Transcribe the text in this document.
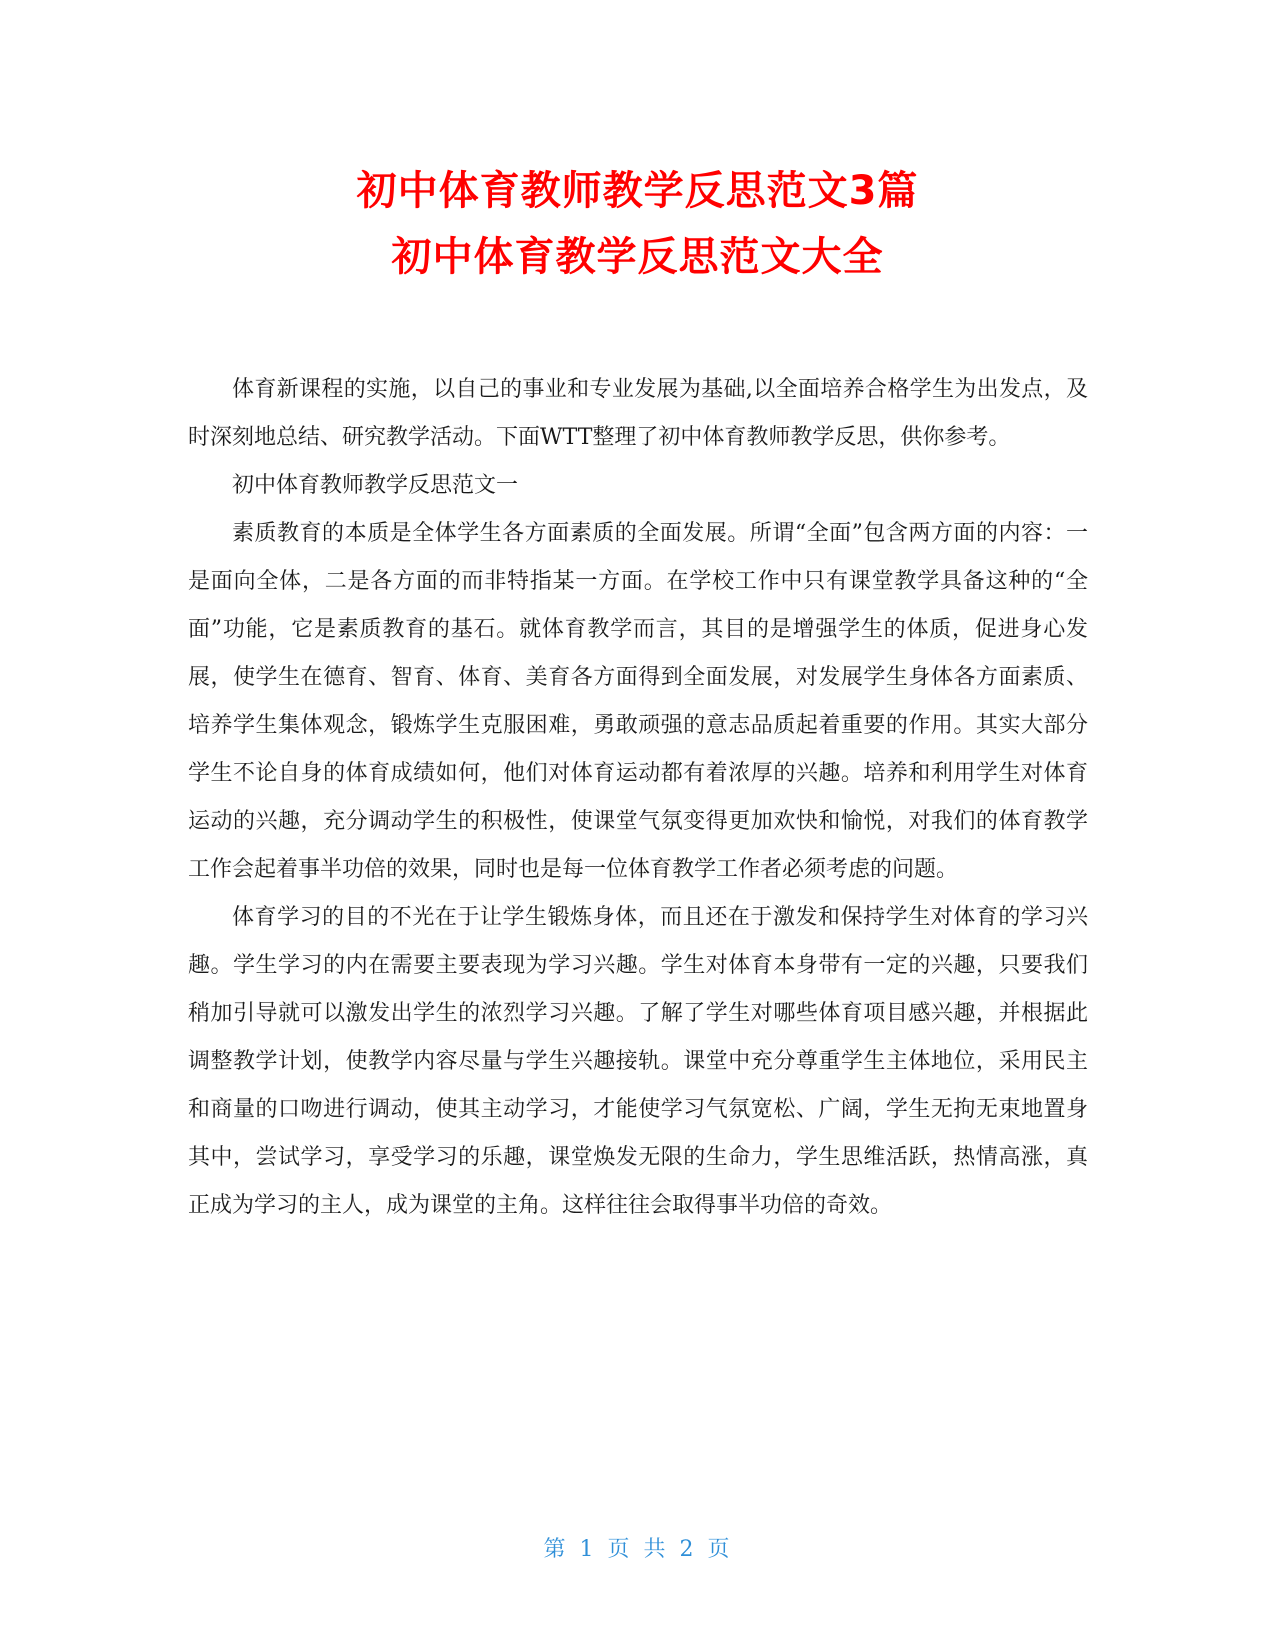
初中体育教师教学反思范文3篇
初中体育教学反思范文大全

体育新课程的实施，以自己的事业和专业发展为基础,以全面培养合格学生为出发点，及时深刻地总结、研究教学活动。下面WTT整理了初中体育教师教学反思，供你参考。

初中体育教师教学反思范文一

素质教育的本质是全体学生各方面素质的全面发展。所谓“全面”包含两方面的内容：一是面向全体，二是各方面的而非特指某一方面。在学校工作中只有课堂教学具备这种的“全面”功能，它是素质教育的基石。就体育教学而言，其目的是增强学生的体质，促进身心发展，使学生在德育、智育、体育、美育各方面得到全面发展，对发展学生身体各方面素质、培养学生集体观念，锻炼学生克服困难，勇敢顽强的意志品质起着重要的作用。其实大部分学生不论自身的体育成绩如何，他们对体育运动都有着浓厚的兴趣。培养和利用学生对体育运动的兴趣，充分调动学生的积极性，使课堂气氛变得更加欢快和愉悦，对我们的体育教学工作会起着事半功倍的效果，同时也是每一位体育教学工作者必须考虑的问题。

体育学习的目的不光在于让学生锻炼身体，而且还在于激发和保持学生对体育的学习兴趣。学生学习的内在需要主要表现为学习兴趣。学生对体育本身带有一定的兴趣，只要我们稍加引导就可以激发出学生的浓烈学习兴趣。了解了学生对哪些体育项目感兴趣，并根据此调整教学计划，使教学内容尽量与学生兴趣接轨。课堂中充分尊重学生主体地位，采用民主和商量的口吻进行调动，使其主动学习，才能使学习气氛宽松、广阔，学生无拘无束地置身其中，尝试学习，享受学习的乐趣，课堂焕发无限的生命力，学生思维活跃，热情高涨，真正成为学习的主人，成为课堂的主角。这样往往会取得事半功倍的奇效。

第 1 页 共 2 页
